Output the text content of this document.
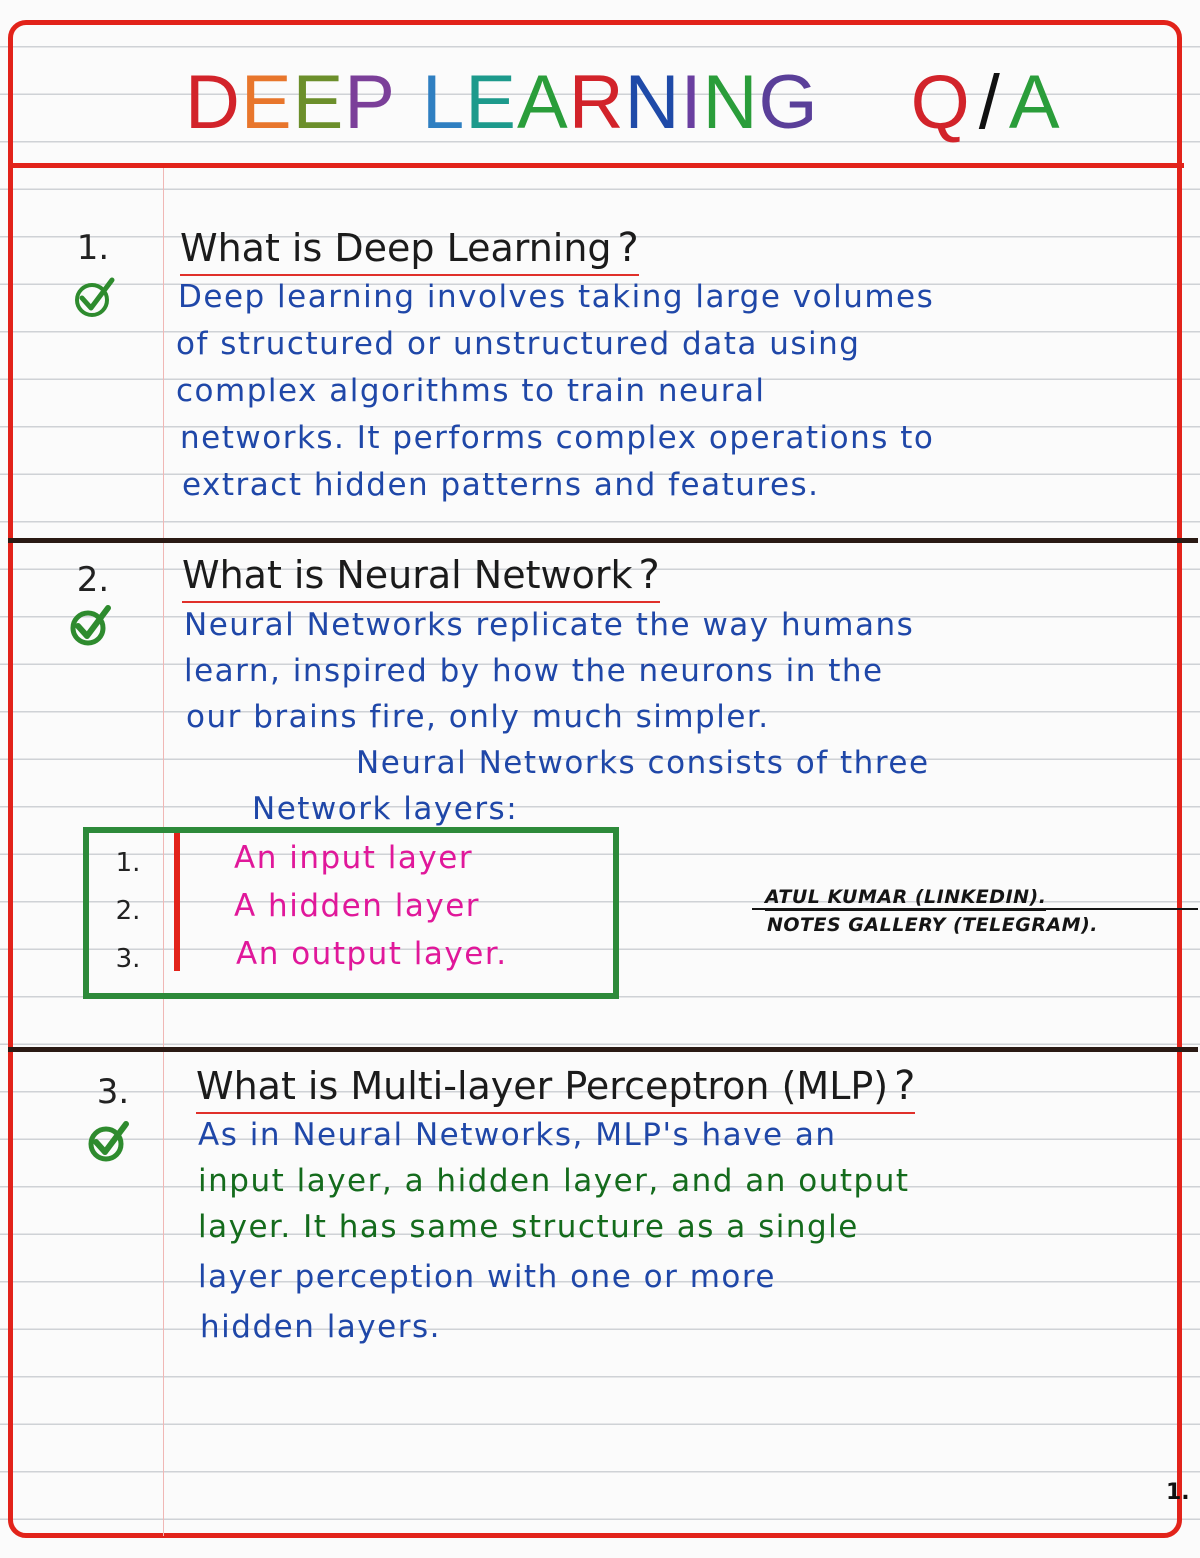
DEEP LEARNING Q / A
1.	What is Deep Learning ?
Deep learning involves taking large volumes
of structured or unstructured data using
complex algorithms to train neural
networks. It performs complex operations to
extract hidden patterns and features.
2.	What is Neural Network ?
Neural Networks replicate the way humans
learn, inspired by how the neurons in the
our brains fire, only much simpler.
Neural Networks consists of three
Network layers:
1.
2.
3.
An input layer
A hidden layer
An output layer.
ATUL KUMAR (LINKEDIN).
NOTES GALLERY (TELEGRAM).
3.	What is Multi-layer Perceptron (MLP) ?
As in Neural Networks, MLP's have an
input layer, a hidden layer, and an output
layer. It has same structure as a single
layer perception with one or more
hidden layers.
1.
